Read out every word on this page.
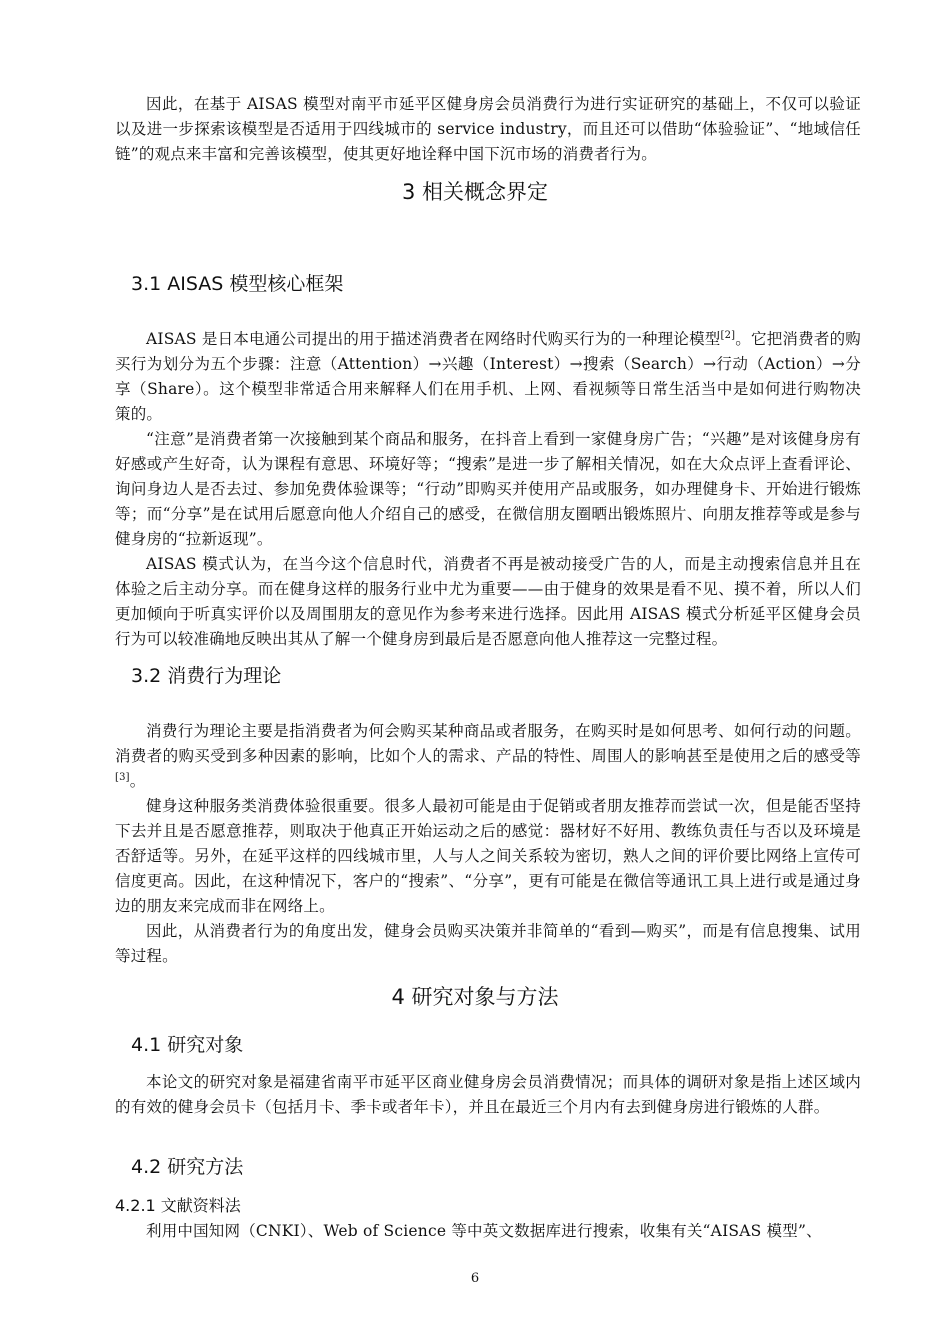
因此，在基于 AISAS 模型对南平市延平区健身房会员消费行为进行实证研究的基础上，不仅可以验证以及进一步探索该模型是否适用于四线城市的 service industry，而且还可以借助“体验验证”、“地域信任链”的观点来丰富和完善该模型，使其更好地诠释中国下沉市场的消费者行为。

3 相关概念界定
3.1 AISAS 模型核心框架

AISAS 是日本电通公司提出的用于描述消费者在网络时代购买行为的一种理论模型[2]。它把消费者的购买行为划分为五个步骤：注意（Attention）→兴趣（Interest）→搜索（Search）→行动（Action）→分享（Share）。这个模型非常适合用来解释人们在用手机、上网、看视频等日常生活当中是如何进行购物决策的。

“注意”是消费者第一次接触到某个商品和服务，在抖音上看到一家健身房广告；“兴趣”是对该健身房有好感或产生好奇，认为课程有意思、环境好等；“搜索”是进一步了解相关情况，如在大众点评上查看评论、询问身边人是否去过、参加免费体验课等；“行动”即购买并使用产品或服务，如办理健身卡、开始进行锻炼等；而“分享”是在试用后愿意向他人介绍自己的感受，在微信朋友圈晒出锻炼照片、向朋友推荐等或是参与健身房的“拉新返现”。

AISAS 模式认为，在当今这个信息时代，消费者不再是被动接受广告的人，而是主动搜索信息并且在体验之后主动分享。而在健身这样的服务行业中尤为重要——由于健身的效果是看不见、摸不着，所以人们更加倾向于听真实评价以及周围朋友的意见作为参考来进行选择。因此用 AISAS 模式分析延平区健身会员行为可以较准确地反映出其从了解一个健身房到最后是否愿意向他人推荐这一完整过程。

3.2 消费行为理论

消费行为理论主要是指消费者为何会购买某种商品或者服务，在购买时是如何思考、如何行动的问题。消费者的购买受到多种因素的影响，比如个人的需求、产品的特性、周围人的影响甚至是使用之后的感受等[3]。

健身这种服务类消费体验很重要。很多人最初可能是由于促销或者朋友推荐而尝试一次，但是能否坚持下去并且是否愿意推荐，则取决于他真正开始运动之后的感觉：器材好不好用、教练负责任与否以及环境是否舒适等。另外，在延平这样的四线城市里，人与人之间关系较为密切，熟人之间的评价要比网络上宣传可信度更高。因此，在这种情况下，客户的“搜索”、“分享”，更有可能是在微信等通讯工具上进行或是通过身边的朋友来完成而非在网络上。

因此，从消费者行为的角度出发，健身会员购买决策并非简单的“看到—购买”，而是有信息搜集、试用等过程。

4 研究对象与方法
4.1 研究对象

本论文的研究对象是福建省南平市延平区商业健身房会员消费情况；而具体的调研对象是指上述区域内的有效的健身会员卡（包括月卡、季卡或者年卡），并且在最近三个月内有去到健身房进行锻炼的人群。

4.2 研究方法
4.2.1 文献资料法

利用中国知网（CNKI）、Web of Science 等中英文数据库进行搜索，收集有关“AISAS 模型”、

6
